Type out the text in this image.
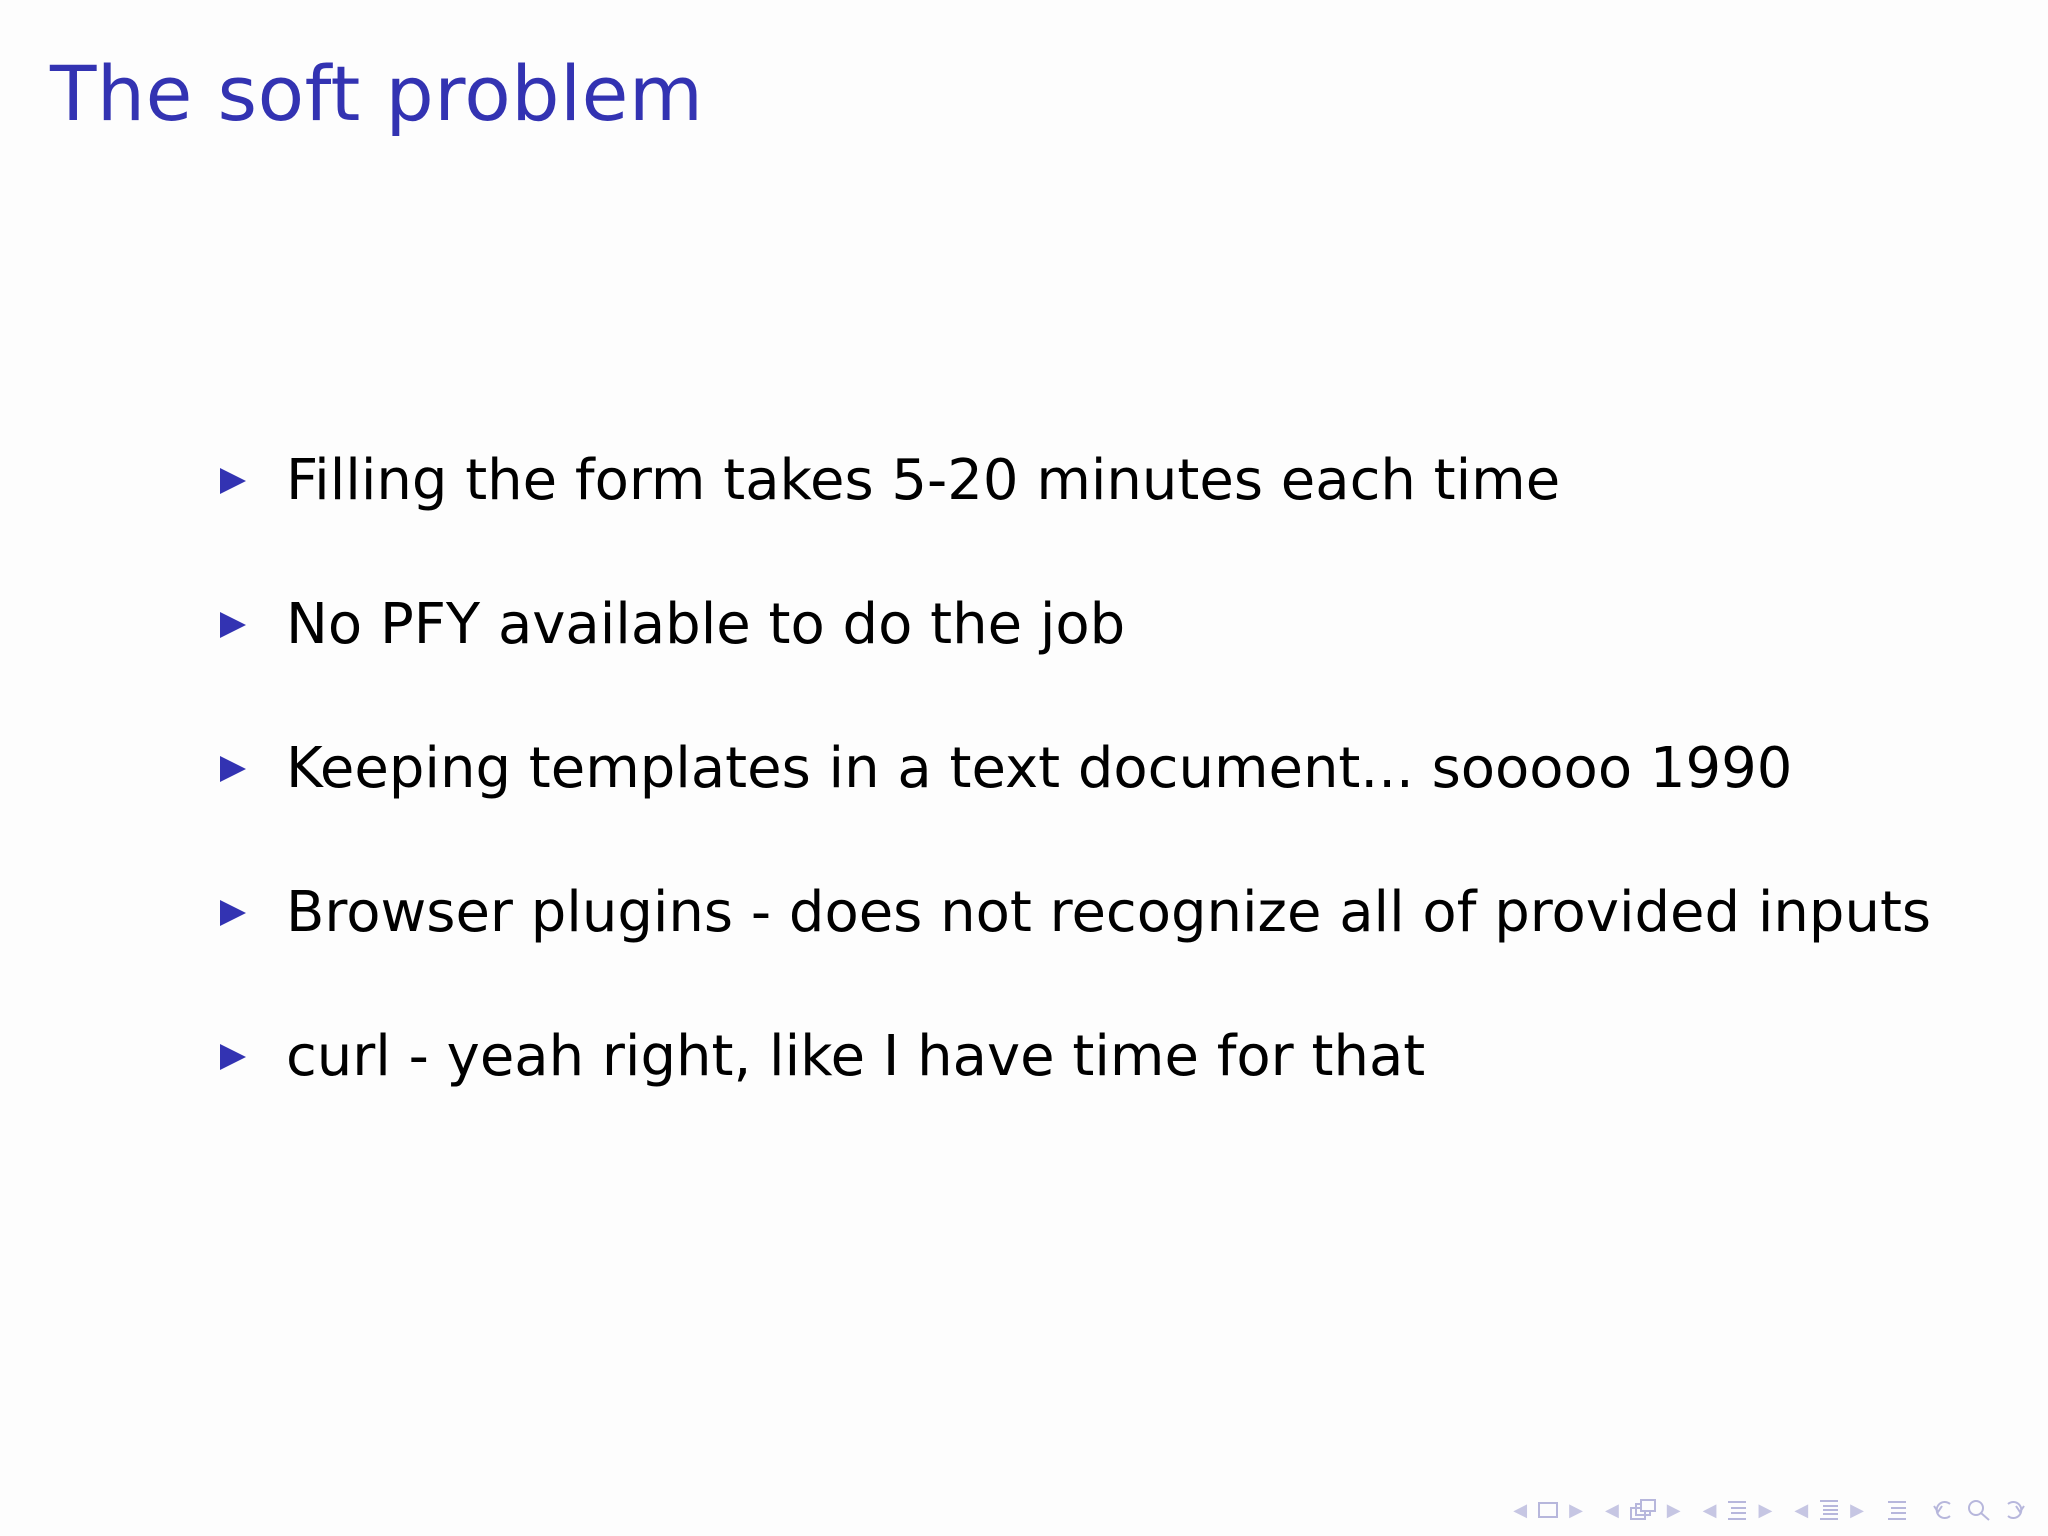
The soft problem
Filling the form takes 5-20 minutes each time
No PFY available to do the job
Keeping templates in a text document... sooooo 1990
Browser plugins - does not recognize all of provided inputs
curl - yeah right, like I have time for that
◀ ▶ ◀	▶ ◀ ▶ ◀ ▶
